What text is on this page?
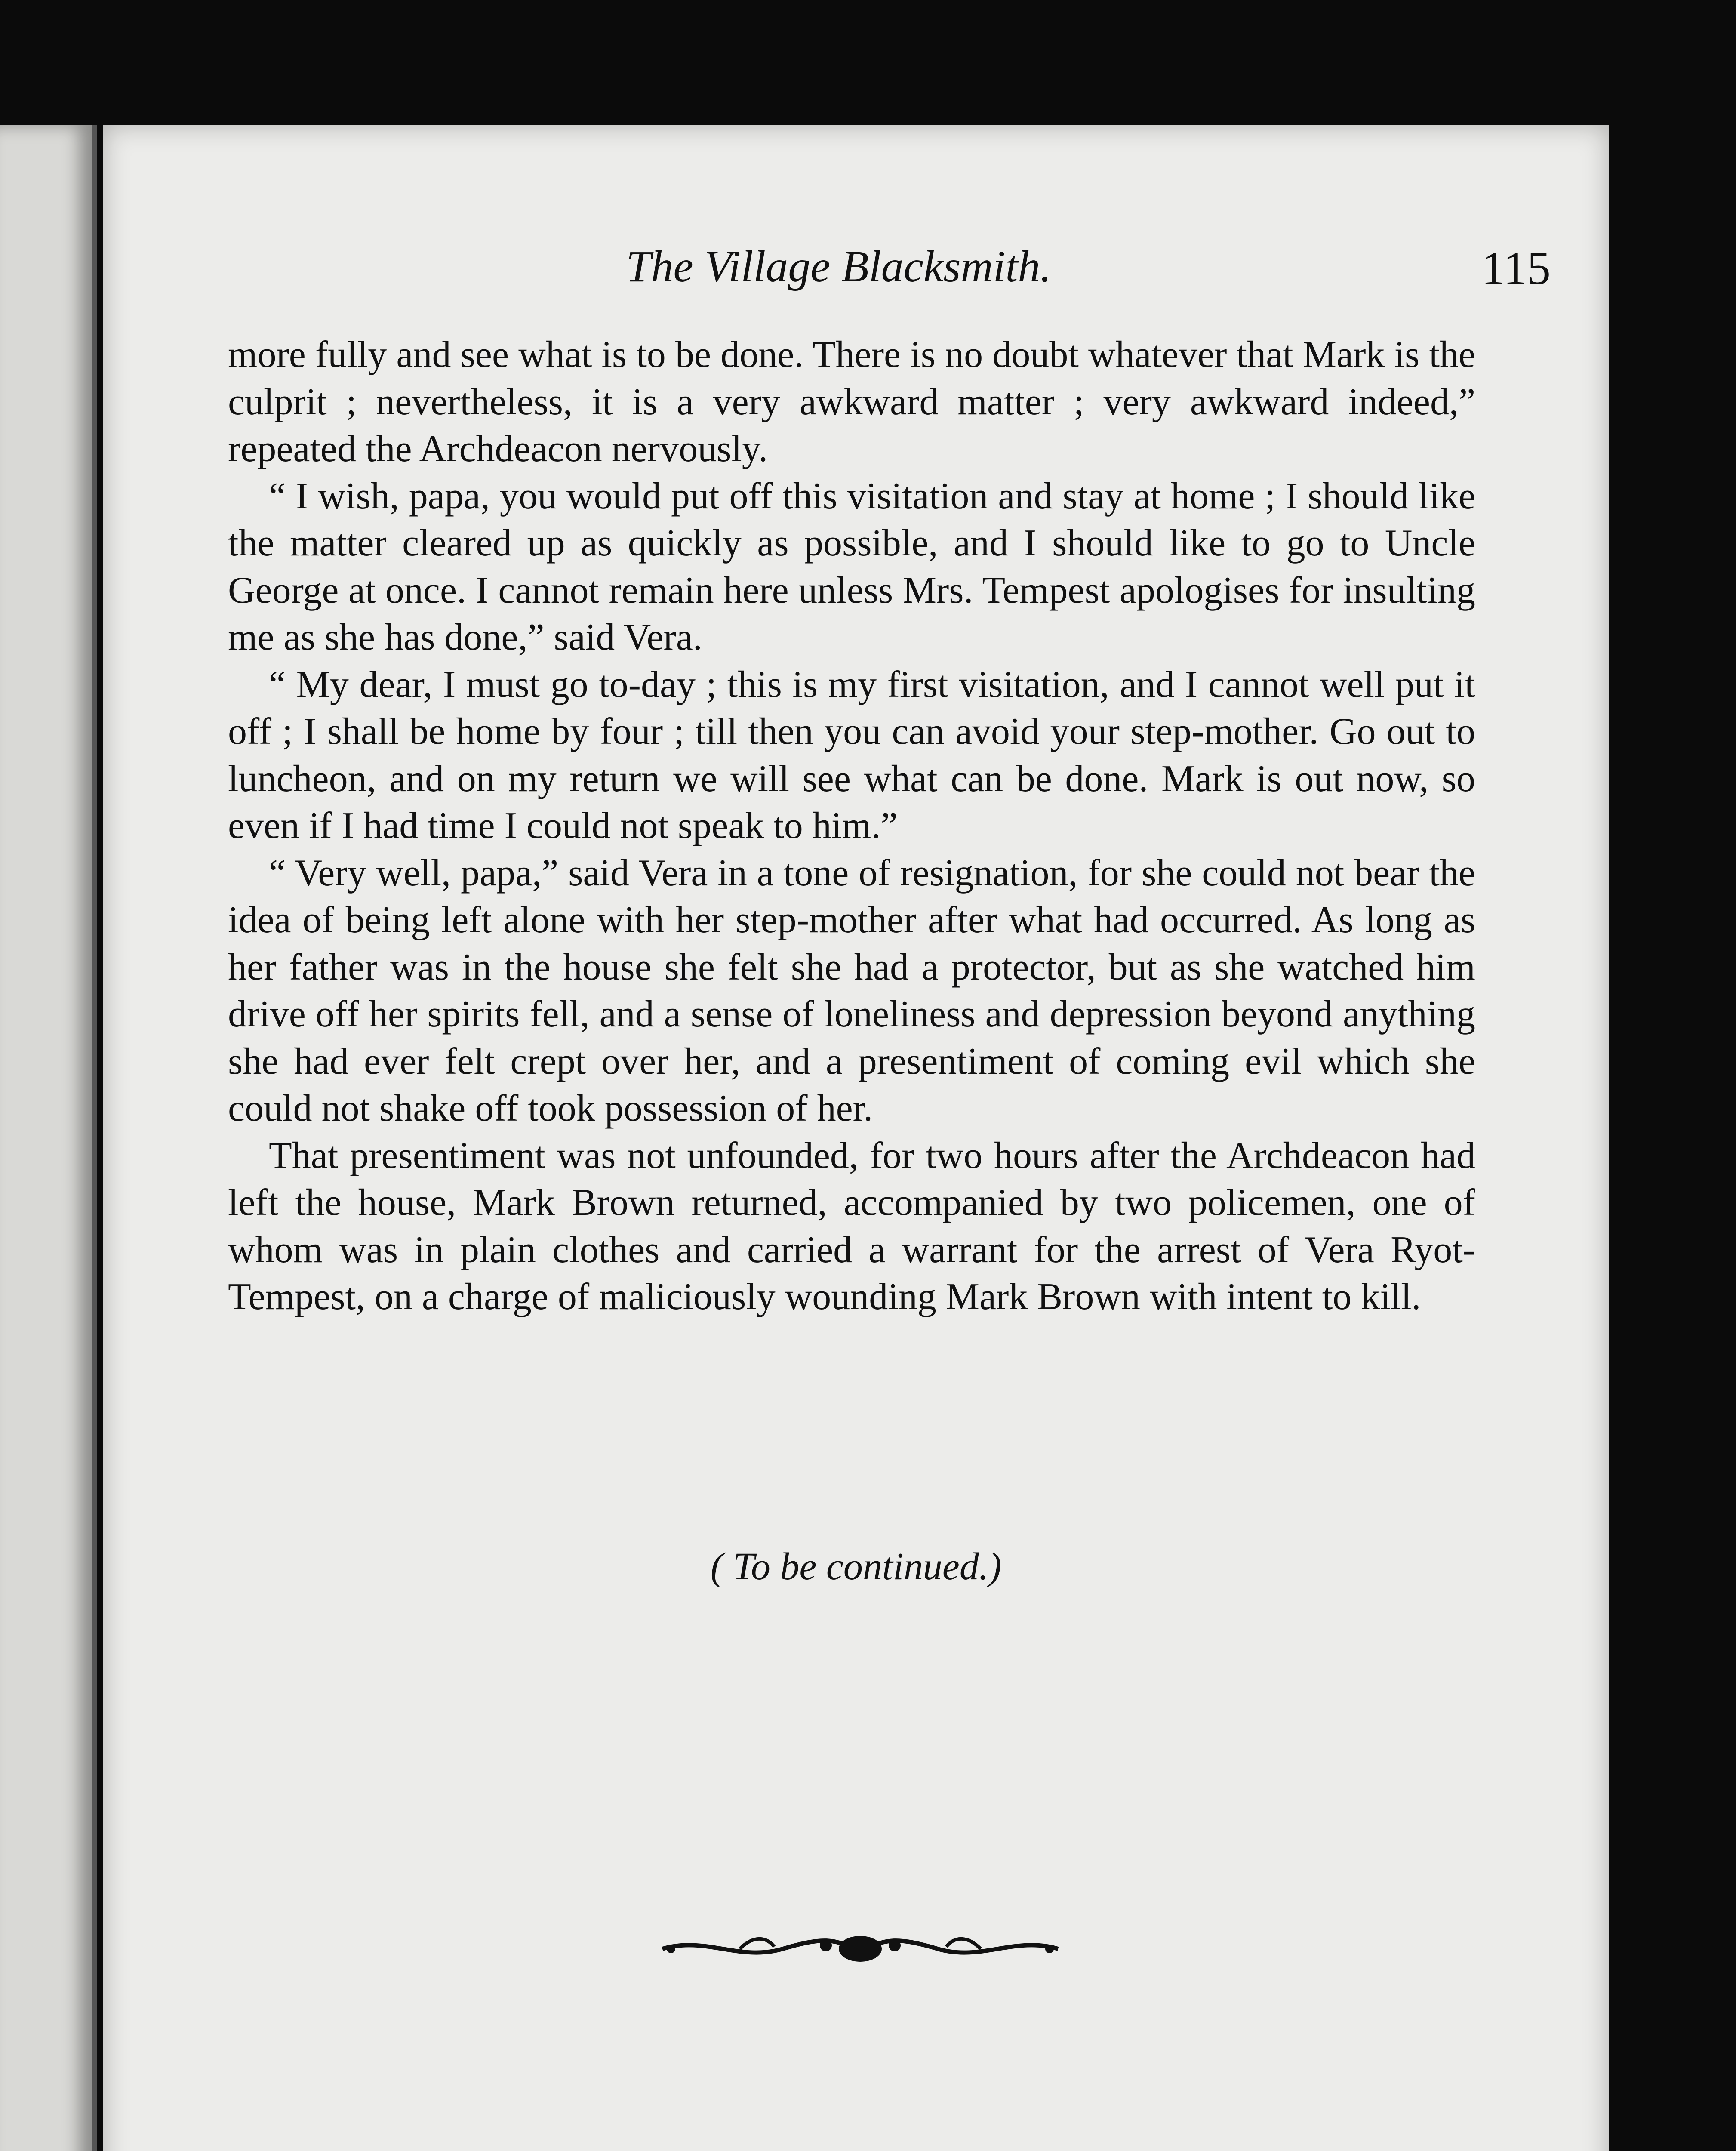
The Village Blacksmith.	115

more fully and see what is to be done. There is no doubt whatever that Mark is the culprit ; nevertheless, it is a very awkward matter ; very awkward indeed,” repeated the Archdeacon nervously.

“ I wish, papa, you would put off this visitation and stay at home ; I should like the matter cleared up as quickly as possible, and I should like to go to Uncle George at once. I cannot remain here unless Mrs. Tempest apologises for insulting me as she has done,” said Vera.

“ My dear, I must go to-day ; this is my first visitation, and I cannot well put it off ; I shall be home by four ; till then you can avoid your step-mother. Go out to luncheon, and on my return we will see what can be done. Mark is out now, so even if I had time I could not speak to him.”

“ Very well, papa,” said Vera in a tone of resignation, for she could not bear the idea of being left alone with her step-mother after what had occurred. As long as her father was in the house she felt she had a protector, but as she watched him drive off her spirits fell, and a sense of loneliness and depression beyond anything she had ever felt crept over her, and a presentiment of coming evil which she could not shake off took possession of her.

That presentiment was not unfounded, for two hours after the Archdeacon had left the house, Mark Brown returned, accompanied by two policemen, one of whom was in plain clothes and carried a warrant for the arrest of Vera Ryot-Tempest, on a charge of maliciously wounding Mark Brown with intent to kill.

( To be continued.)
